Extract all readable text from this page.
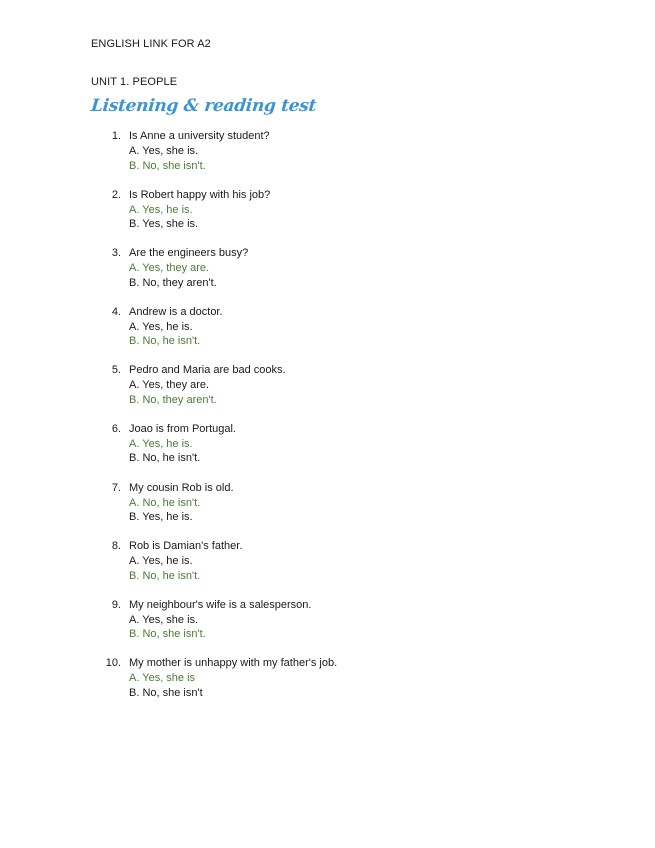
ENGLISH LINK FOR A2
UNIT 1. PEOPLE
Listening & reading test
1. Is Anne a university student?
A. Yes, she is.
B. No, she isn't.
2. Is Robert happy with his job?
A. Yes, he is.
B. Yes, she is.
3. Are the engineers busy?
A. Yes, they are.
B. No, they aren't.
4. Andrew is a doctor.
A. Yes, he is.
B. No, he isn't.
5. Pedro and Maria are bad cooks.
A. Yes, they are.
B. No, they aren't.
6. Joao is from Portugal.
A. Yes, he is.
B. No, he isn't.
7. My cousin Rob is old.
A. No, he isn't.
B. Yes, he is.
8. Rob is Damian's father.
A. Yes, he is.
B. No, he isn't.
9. My neighbour's wife is a salesperson.
A. Yes, she is.
B. No, she isn't.
10. My mother is unhappy with my father's job.
A. Yes, she is
B. No, she isn't
